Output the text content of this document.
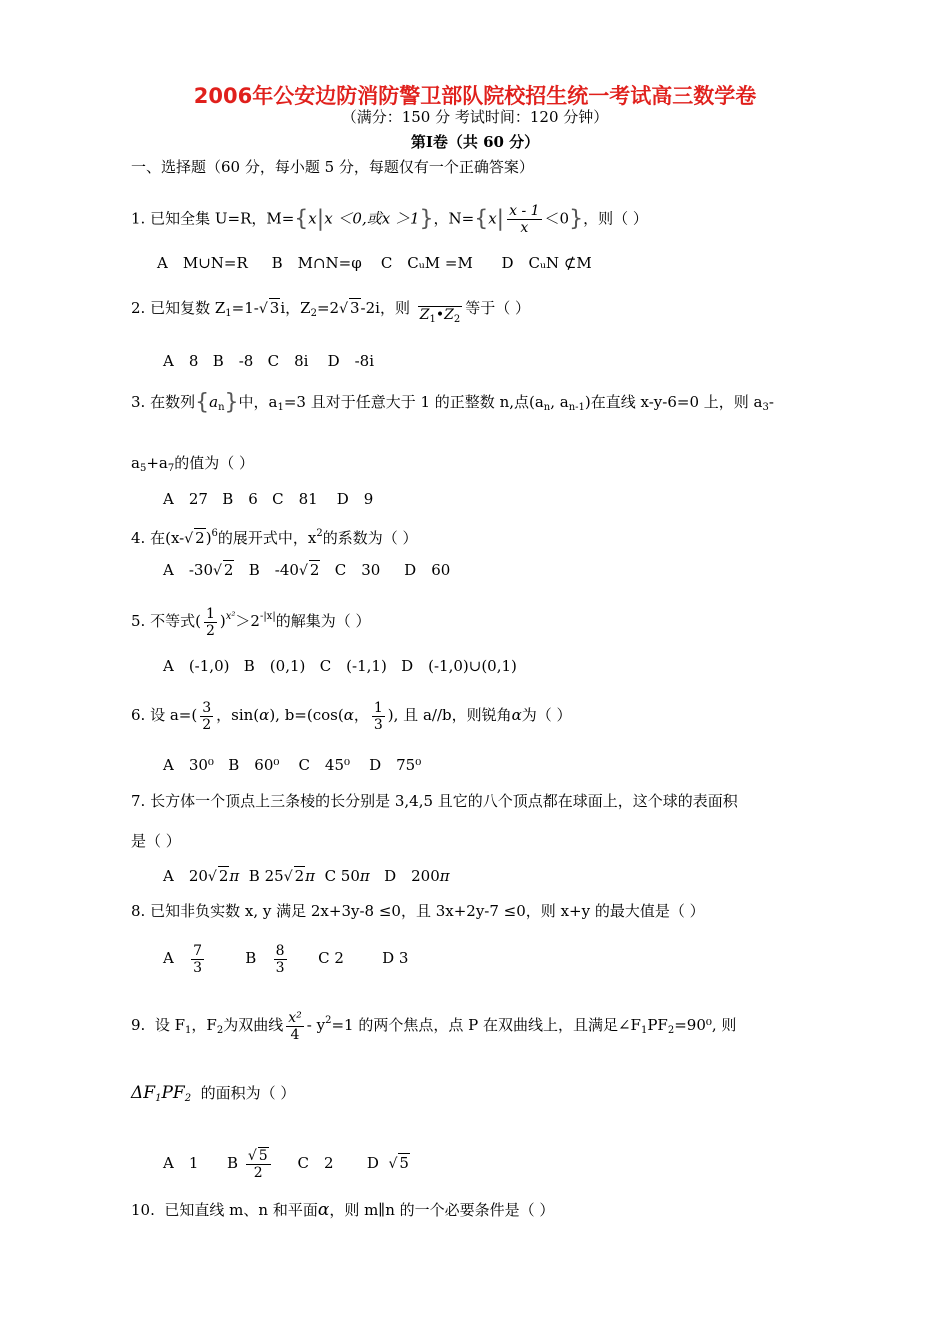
2006年公安边防消防警卫部队院校招生统一考试高三数学卷
（满分：150 分 考试时间：120 分钟）
第Ⅰ卷（共 60 分）
一、选择题（60 分，每小题 5 分，每题仅有一个正确答案）
1. 已知全集 U=R，M={x|x ＜0,或x ＞1}，$N=\{x| \frac{x - 1}{x} <0\}$，则（ ）
A　M∪N=R B　M∩N=φ C　CᵤM =M D　CᵤN ⊄M
2. 已知复数 $Z_1=1-√$ 3i，$Z_2=2√$ 3-2i，则
$\overline{Z}_1•\overline{Z}_2$
等于（ ）
A　8 B　-8 C　8i D　-8i
3. 在数列$\{a_n\}$中，$a_1=3$ 且对于任意大于 1 的正整数 n,点($a_n$, $a_{n-1}$)在直线 x-y-6=0 上，则 $a_3-$
$a_5+a_7$的值为（ ）
A　27 B　6 C　81 D　9
4. 在(x-√ 2)$^6$的展开式中，$x^2$的系数为（ ）
A　-30√ 2 B　-40√ 2 C　30 D　60
5. 不等式( $\frac{1}{2} )^{x^2}>2^{-|x|}$的解集为（ ）
A　(-1,0) B　(0,1) C　(-1,1) D　(-1,0)∪(0,1)
6. 设 $a=( \frac{3}{2}$ ，sin(α), b=(cos(α， $\frac{1}{3}$ ), 且 a//b，则锐角α为（ ）
A　30⁰ B　60⁰ C　45⁰ D　75⁰
7. 长方体一个顶点上三条棱的长分别是 3,4,5 且它的八个顶点都在球面上，这个球的表面积
是（ ）
A　20√ 2π B 25√ 2π C 50π D　200π
8. 已知非负实数 x, y 满足 2x+3y-8 ≤0，且 3x+2y-7 ≤0，则 x+y 的最大值是（ ）
A $\frac{7}{3}$	B $\frac{8}{3}$ C 2	D 3
9. 设 $F_1$，$F_2$为双曲线 $\frac{\text{x²}}{4} - y^2=1$ 的两个焦点，点 P 在双曲线上，且满足$\angle F_1PF_2=90^0$, 则
$\Delta F_1PF_2$ 的面积为（ ）
A　1 B $\frac{√ 5}{2}$ C　2 D √ 5
10. 已知直线 m、n 和平面α，则 m∥n 的一个必要条件是（ ）
